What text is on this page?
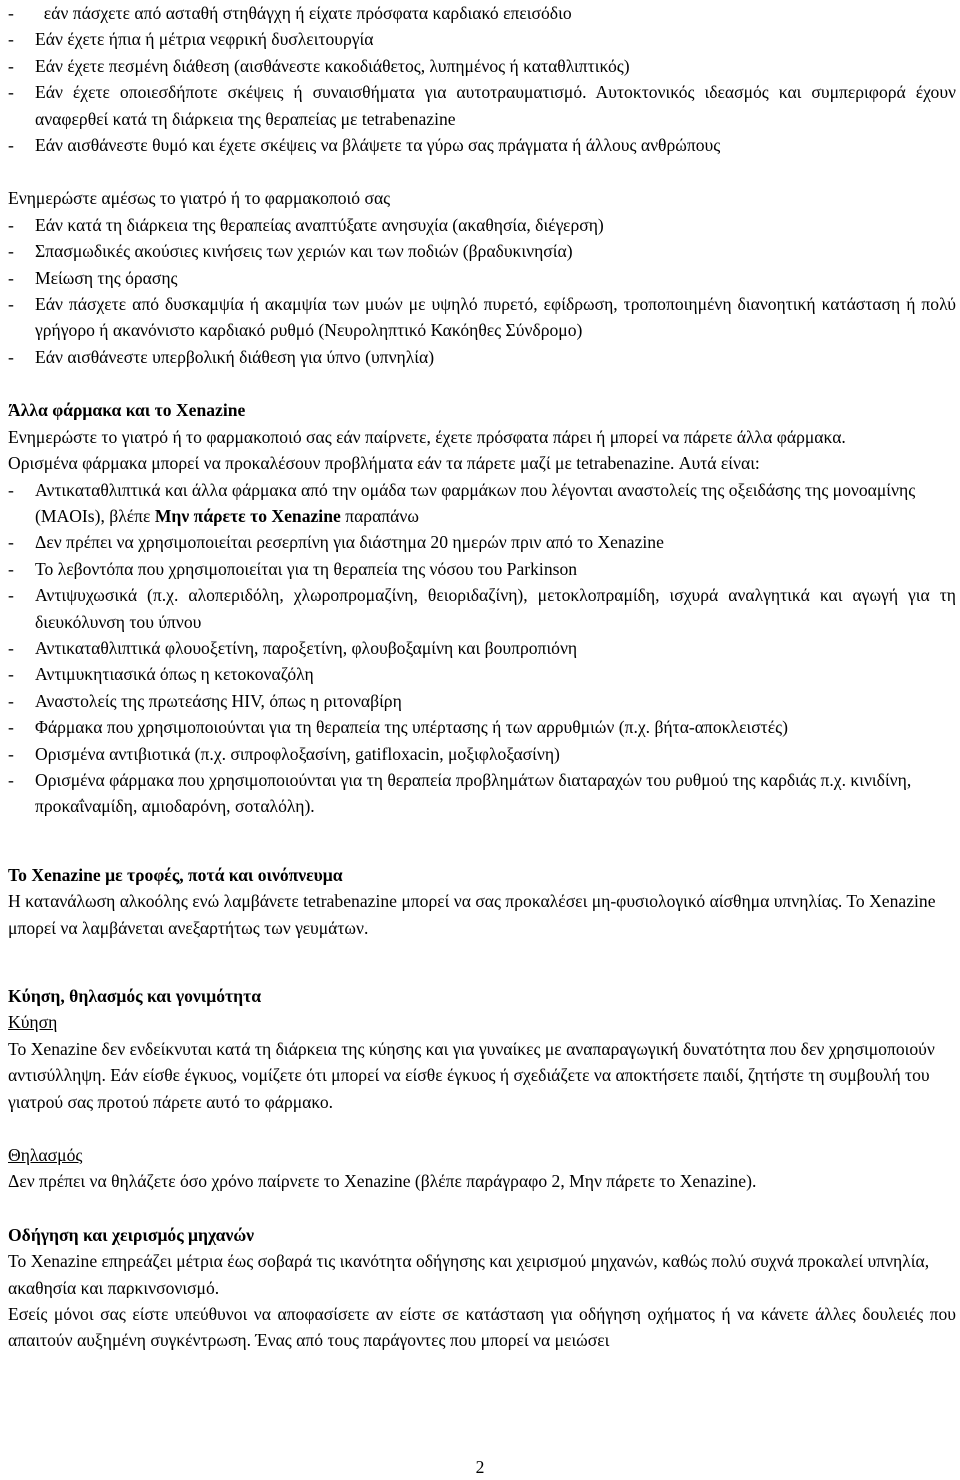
- εάν πάσχετε από ασταθή στηθάγχη ή είχατε πρόσφατα καρδιακό επεισόδιο
- Εάν έχετε ήπια ή μέτρια νεφρική δυσλειτουργία
- Εάν έχετε πεσμένη διάθεση (αισθάνεστε κακοδιάθετος, λυπημένος ή καταθλιπτικός)
- Εάν έχετε οποιεσδήποτε σκέψεις ή συναισθήματα για αυτοτραυματισμό. Αυτοκτονικός ιδεασμός και συμπεριφορά έχουν αναφερθεί κατά τη διάρκεια της θεραπείας με tetrabenazine
- Εάν αισθάνεστε θυμό και έχετε σκέψεις να βλάψετε τα γύρω σας πράγματα ή άλλους ανθρώπους

Ενημερώστε αμέσως το γιατρό ή το φαρμακοποιό σας

- Εάν κατά τη διάρκεια της θεραπείας αναπτύξατε ανησυχία (ακαθησία, διέγερση)
- Σπασμωδικές ακούσιες κινήσεις των χεριών και των ποδιών (βραδυκινησία)
- Μείωση της όρασης
-	Εάν πάσχετε από δυσκαμψία ή ακαμψία των μυών με υψηλό πυρετό, εφίδρωση, τροποποιημένη διανοητική κατάσταση ή πολύ γρήγορο ή ακανόνιστο καρδιακό ρυθμό (Νευροληπτικό Κακόηθες Σύνδρομο)
- Εάν αισθάνεστε υπερβολική διάθεση για ύπνο (υπνηλία)

Άλλα φάρμακα και το Xenazine

Ενημερώστε το γιατρό ή το φαρμακοποιό σας εάν παίρνετε, έχετε πρόσφατα πάρει ή μπορεί να πάρετε άλλα φάρμακα.

Ορισμένα φάρμακα μπορεί να προκαλέσουν προβλήματα εάν τα πάρετε μαζί με tetrabenazine. Αυτά είναι:

- Αντικαταθλιπτικά και άλλα φάρμακα από την ομάδα των φαρμάκων που λέγονται αναστολείς της οξειδάσης της μονοαμίνης (MAOIs), βλέπε Μην πάρετε το Xenazine παραπάνω
- Δεν πρέπει να χρησιμοποιείται ρεσερπίνη για διάστημα 20 ημερών πριν από το Xenazine
- Το λεβοντόπα που χρησιμοποιείται για τη θεραπεία της νόσου του Parkinson
- Αντιψυχωσικά (π.χ. αλοπεριδόλη, χλωροπρομαζίνη, θειοριδαζίνη), μετοκλοπραμίδη, ισχυρά αναλγητικά και αγωγή για τη διευκόλυνση του ύπνου
- Αντικαταθλιπτικά φλουοξετίνη, παροξετίνη, φλουβοξαμίνη και βουπροπιόνη
- Αντιμυκητιασικά όπως η κετοκοναζόλη
- Αναστολείς της πρωτεάσης HIV, όπως η ριτοναβίρη
- Φάρμακα που χρησιμοποιούνται για τη θεραπεία της υπέρτασης ή των αρρυθμιών (π.χ. βήτα-αποκλειστές)
- Ορισμένα αντιβιοτικά (π.χ. σιπροφλοξασίνη, gatifloxacin, μοξιφλοξασίνη)
- Ορισμένα φάρμακα που χρησιμοποιούνται για τη θεραπεία προβλημάτων διαταραχών του ρυθμού της καρδιάς π.χ. κινιδίνη, προκαΐναμίδη, αμιοδαρόνη, σοταλόλη).

Το Xenazine με τροφές, ποτά και οινόπνευμα

Η κατανάλωση αλκοόλης ενώ λαμβάνετε tetrabenazine μπορεί να σας προκαλέσει μη-φυσιολογικό αίσθημα υπνηλίας. Το Xenazine μπορεί να λαμβάνεται ανεξαρτήτως των γευμάτων.

Κύηση, θηλασμός και γονιμότητα

Κύηση

Το Xenazine δεν ενδείκνυται κατά τη διάρκεια της κύησης και για γυναίκες με αναπαραγωγική δυνατότητα που δεν χρησιμοποιούν αντισύλληψη. Εάν είσθε έγκυος, νομίζετε ότι μπορεί να είσθε έγκυος ή σχεδιάζετε να αποκτήσετε παιδί, ζητήστε τη συμβουλή του γιατρού σας προτού πάρετε αυτό το φάρμακο.

Θηλασμός

Δεν πρέπει να θηλάζετε όσο χρόνο παίρνετε το Xenazine (βλέπε παράγραφο 2, Μην πάρετε το Xenazine).

Οδήγηση και χειρισμός μηχανών

Το Xenazine επηρεάζει μέτρια έως σοβαρά τις ικανότητα οδήγησης και χειρισμού μηχανών, καθώς πολύ συχνά προκαλεί υπνηλία, ακαθησία και παρκινσονισμό.

Εσείς μόνοι σας είστε υπεύθυνοι να αποφασίσετε αν είστε σε κατάσταση για οδήγηση οχήματος ή να κάνετε άλλες δουλειές που απαιτούν αυξημένη συγκέντρωση. Ένας από τους παράγοντες που μπορεί να μειώσει

2
